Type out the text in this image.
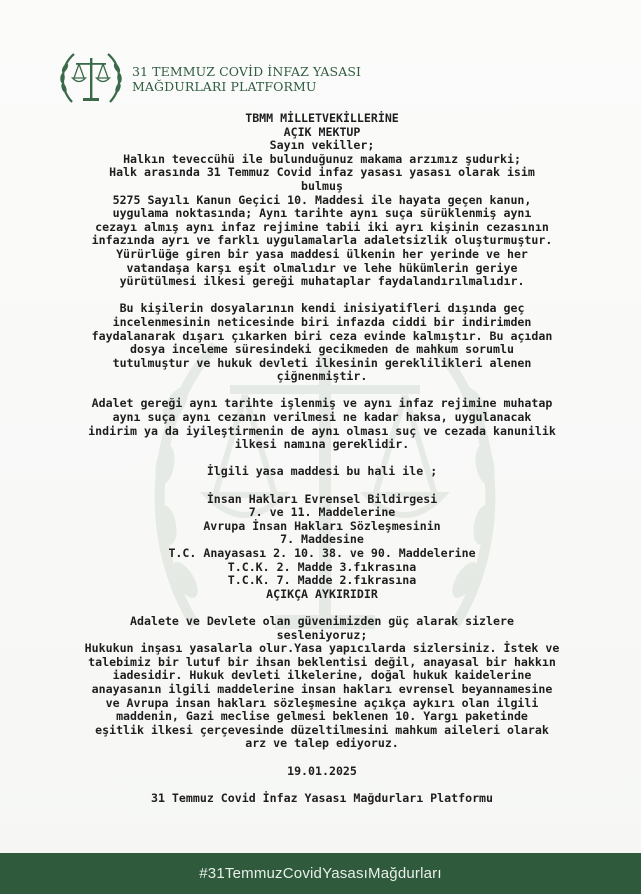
31 TEMMUZ COVİD İNFAZ YASASI
MAĞDURLARI PLATFORMU
TBMM MİLLETVEKİLLERİNE
AÇIK MEKTUP
Sayın vekiller;
Halkın teveccühü ile bulunduğunuz makama arzımız şudurki;
Halk arasında 31 Temmuz Covid infaz yasası yasası olarak isim
bulmuş
5275 Sayılı Kanun Geçici 10. Maddesi ile hayata geçen kanun,
uygulama noktasında; Aynı tarihte aynı suça sürüklenmiş aynı
cezayı almış aynı infaz rejimine tabii iki ayrı kişinin cezasının
infazında ayrı ve farklı uygulamalarla adaletsizlik oluşturmuştur.
Yürürlüğe giren bir yasa maddesi ülkenin her yerinde ve her
vatandaşa karşı eşit olmalıdır ve lehe hükümlerin geriye
yürütülmesi ilkesi gereği muhataplar faydalandırılmalıdır.
Bu kişilerin dosyalarının kendi inisiyatifleri dışında geç
incelenmesinin neticesinde biri infazda ciddi bir indirimden
faydalanarak dışarı çıkarken biri ceza evinde kalmıştır. Bu açıdan
dosya inceleme süresindeki gecikmeden de mahkum sorumlu
tutulmuştur ve hukuk devleti ilkesinin gereklilikleri alenen
çiğnenmiştir.
Adalet gereği aynı tarihte işlenmiş ve aynı infaz rejimine muhatap
aynı suça aynı cezanın verilmesi ne kadar haksa, uygulanacak
indirim ya da iyileştirmenin de aynı olması suç ve cezada kanunilik
ilkesi namına gereklidir.
İlgili yasa maddesi bu hali ile ;
İnsan Hakları Evrensel Bildirgesi
7. ve 11. Maddelerine
Avrupa İnsan Hakları Sözleşmesinin
7. Maddesine
T.C. Anayasası 2. 10. 38. ve 90. Maddelerine
T.C.K. 2. Madde 3.fıkrasına
T.C.K. 7. Madde 2.fıkrasına
AÇIKÇA AYKIRIDIR
Adalete ve Devlete olan güvenimizden güç alarak sizlere
sesleniyoruz;
Hukukun inşası yasalarla olur.Yasa yapıcılarda sizlersiniz. İstek ve
talebimiz bir lutuf bir ihsan beklentisi değil, anayasal bir hakkın
iadesidir. Hukuk devleti ilkelerine, doğal hukuk kaidelerine
anayasanın ilgili maddelerine insan hakları evrensel beyannamesine
ve Avrupa insan hakları sözleşmesine açıkça aykırı olan ilgili
maddenin, Gazi meclise gelmesi beklenen 10. Yargı paketinde
eşitlik ilkesi çerçevesinde düzeltilmesini mahkum aileleri olarak
arz ve talep ediyoruz.
19.01.2025
31 Temmuz Covid İnfaz Yasası Mağdurları Platformu
#31TemmuzCovidYasasıMağdurları
